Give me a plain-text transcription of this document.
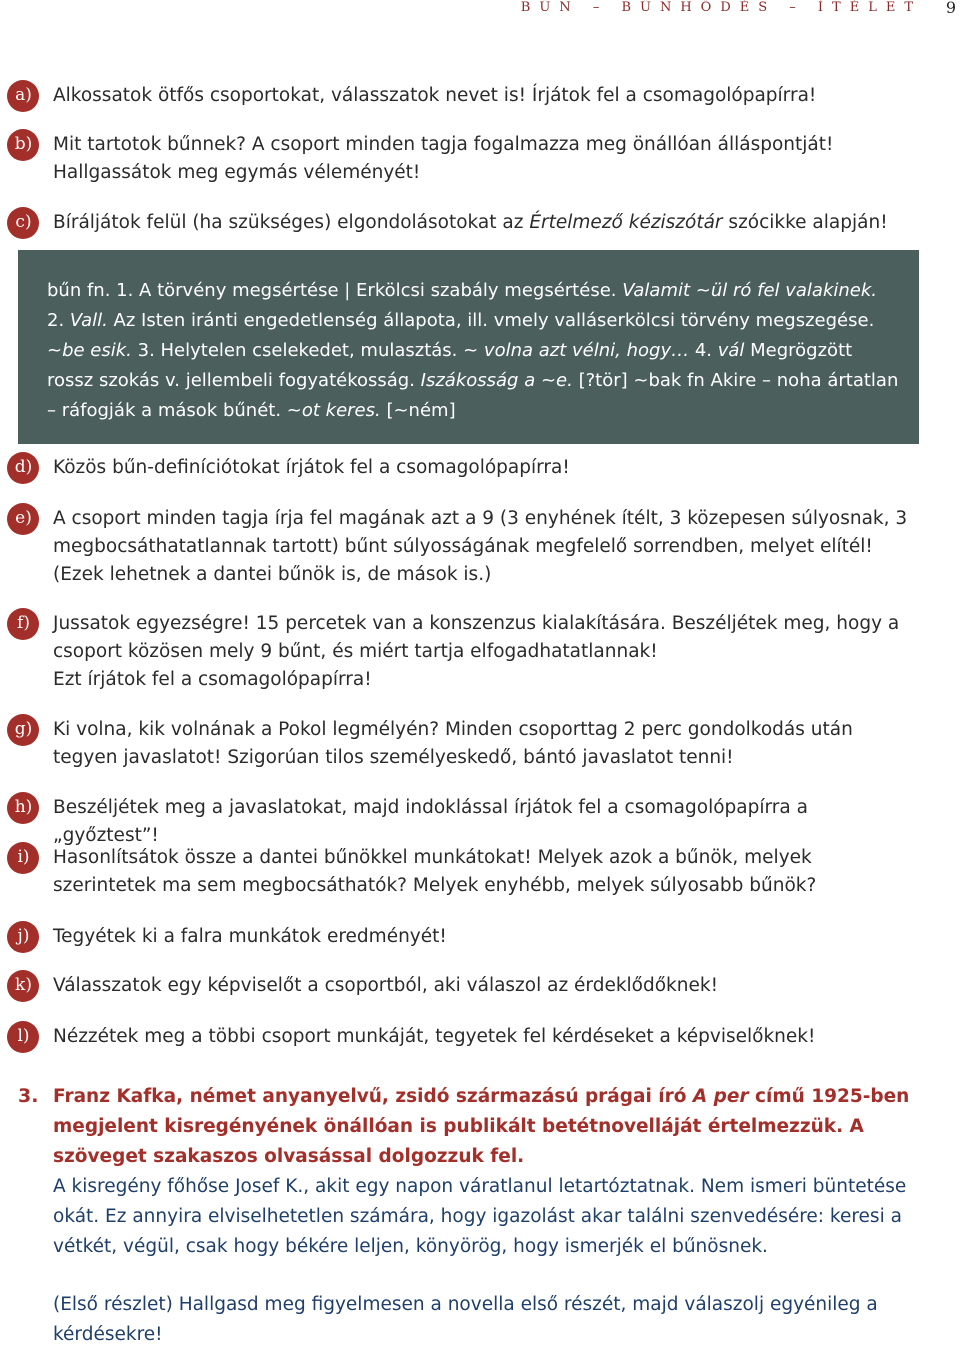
BŰN – BŰNHŐDÉS – ÍTÉLET 9
a)	Alkossatok ötfős csoportokat, válasszatok nevet is! Írjátok fel a csomagolópapírra!
b)	Mit tartotok bűnnek? A csoport minden tagja fogalmazza meg önállóan álláspontját! Hallgassátok meg egymás véleményét!
c)	Bíráljátok felül (ha szükséges) elgondolásotokat az Értelmező kéziszótár szócikke alapján!
bűn fn. 1. A törvény megsértése | Erkölcsi szabály megsértése. Valamit ~ül ró fel valakinek. 2. Vall. Az Isten iránti engedetlenség állapota, ill. vmely valláserkölcsi törvény megszegése. ~be esik. 3. Helytelen cselekedet, mulasztás. ~ volna azt vélni, hogy… 4. vál Megrögzött rossz szokás v. jellembeli fogyatékosság. Iszákosság a ~e. [?tör] ~bak fn Akire – noha ártatlan – ráfogják a mások bűnét. ~ot keres. [~ném]
d)	Közös bűn-definíciótokat írjátok fel a csomagolópapírra!
e)	A csoport minden tagja írja fel magának azt a 9 (3 enyhének ítélt, 3 közepesen súlyosnak, 3 megbocsáthatatlannak tartott) bűnt súlyosságának megfelelő sorrendben, melyet elítél! (Ezek lehetnek a dantei bűnök is, de mások is.)
f)	Jussatok egyezségre! 15 percetek van a konszenzus kialakítására. Beszéljétek meg, hogy a csoport közösen mely 9 bűnt, és miért tartja elfogadhatatlannak!
Ezt írjátok fel a csomagolópapírra!
g)	Ki volna, kik volnának a Pokol legmélyén? Minden csoporttag 2 perc gondolkodás után tegyen javaslatot! Szigorúan tilos személyeskedő, bántó javaslatot tenni!
h)	Beszéljétek meg a javaslatokat, majd indoklással írjátok fel a csomagolópapírra a „győztest”!
i)	Hasonlítsátok össze a dantei bűnökkel munkátokat! Melyek azok a bűnök, melyek szerintetek ma sem megbocsáthatók? Melyek enyhébb, melyek súlyosabb bűnök?
j)	Tegyétek ki a falra munkátok eredményét!
k)	Válasszatok egy képviselőt a csoportból, aki válaszol az érdeklődőknek!
l)	Nézzétek meg a többi csoport munkáját, tegyetek fel kérdéseket a képviselőknek!
3. Franz Kafka, német anyanyelvű, zsidó származású prágai író A per című 1925-ben megjelent kisregényének önállóan is publikált betétnovelláját értelmezzük. A szöveget szakaszos olvasással dolgozzuk fel.
A kisregény főhőse Josef K., akit egy napon váratlanul letartóztatnak. Nem ismeri büntetése okát. Ez annyira elviselhetetlen számára, hogy igazolást akar találni szenvedésére: keresi a vétkét, végül, csak hogy békére leljen, könyörög, hogy ismerjék el bűnösnek.
(Első részlet) Hallgasd meg figyelmesen a novella első részét, majd válaszolj egyénileg a kérdésekre!
